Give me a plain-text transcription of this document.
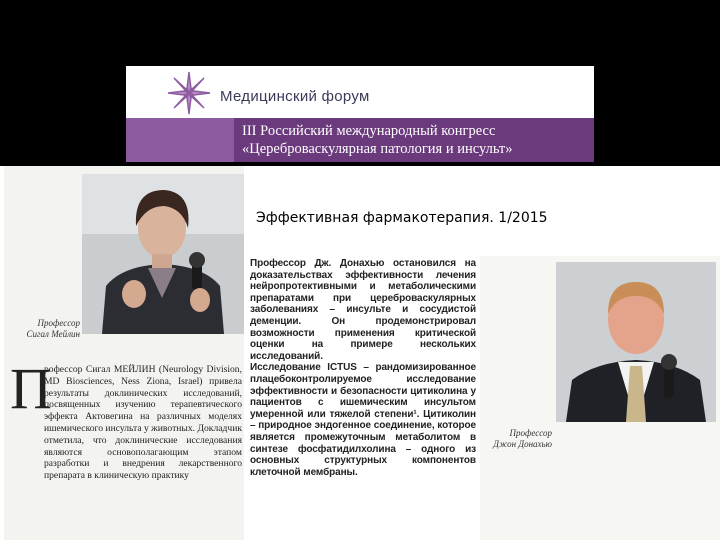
Медицинский форум
III Российский международный конгресс
«Цереброваскулярная патология и инсульт»
Профессор
Сигал Мейлин
П
рофессор Сигал МЕЙЛИН (Neurology Division, MD Biosciences, Ness Ziona, Israel) привела результаты доклинических исследований, посвященных изучению терапевтического эффекта Актовегина на различных моделях ишемического инсульта у животных. Докладчик отметила, что доклинические исследования являются основополагающим этапом разработки и внедрения лекарственного препарата в клиническую практику
Эффективная фармакотерапия. 1/2015
Профессор Дж. Донахью остановился на доказательствах эффективности лечения нейропротективными и метаболическими препаратами при цереброваскулярных заболеваниях – инсульте и сосудистой деменции. Он продемонстрировал возможности применения критической оценки на примере нескольких исследований.
Исследование ICTUS – рандомизированное плацебоконтролируемое исследование эффективности и безопасности цитиколина у пациентов с ишемическим инсультом умеренной или тяжелой степени¹. Цитиколин – природное эндогенное соединение, которое является промежуточным метаболитом в синтезе фосфатидилхолина – одного из основных структурных компонентов клеточной мембраны.
Профессор
Джон Донахью
